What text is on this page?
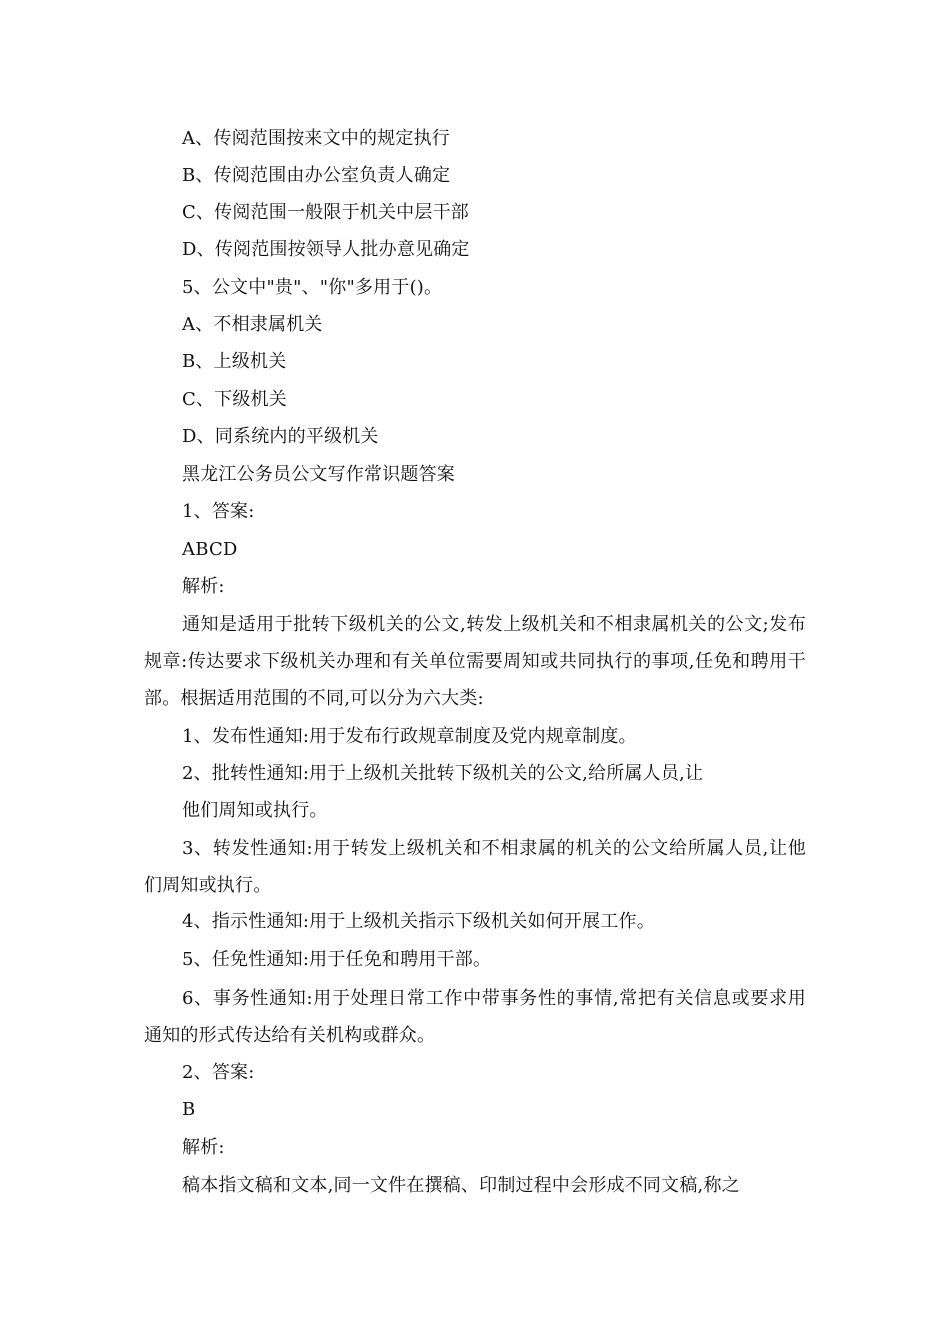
A、传阅范围按来文中的规定执行
B、传阅范围由办公室负责人确定
C、传阅范围一般限于机关中层干部
D、传阅范围按领导人批办意见确定
5、公文中"贵"、"你"多用于()。
A、不相隶属机关
B、上级机关
C、下级机关
D、同系统内的平级机关
黑龙江公务员公文写作常识题答案
1、答案:
ABCD
解析:
通知是适用于批转下级机关的公文,转发上级机关和不相隶属机关的公文;发布规章:传达要求下级机关办理和有关单位需要周知或共同执行的事项,任免和聘用干部。根据适用范围的不同,可以分为六大类:
1、发布性通知:用于发布行政规章制度及党内规章制度。
2、批转性通知:用于上级机关批转下级机关的公文,给所属人员,让
他们周知或执行。
3、转发性通知:用于转发上级机关和不相隶属的机关的公文给所属人员,让他们周知或执行。
4、指示性通知:用于上级机关指示下级机关如何开展工作。
5、任免性通知:用于任免和聘用干部。
6、事务性通知:用于处理日常工作中带事务性的事情,常把有关信息或要求用通知的形式传达给有关机构或群众。
2、答案:
B
解析:
稿本指文稿和文本,同一文件在撰稿、印制过程中会形成不同文稿,称之
